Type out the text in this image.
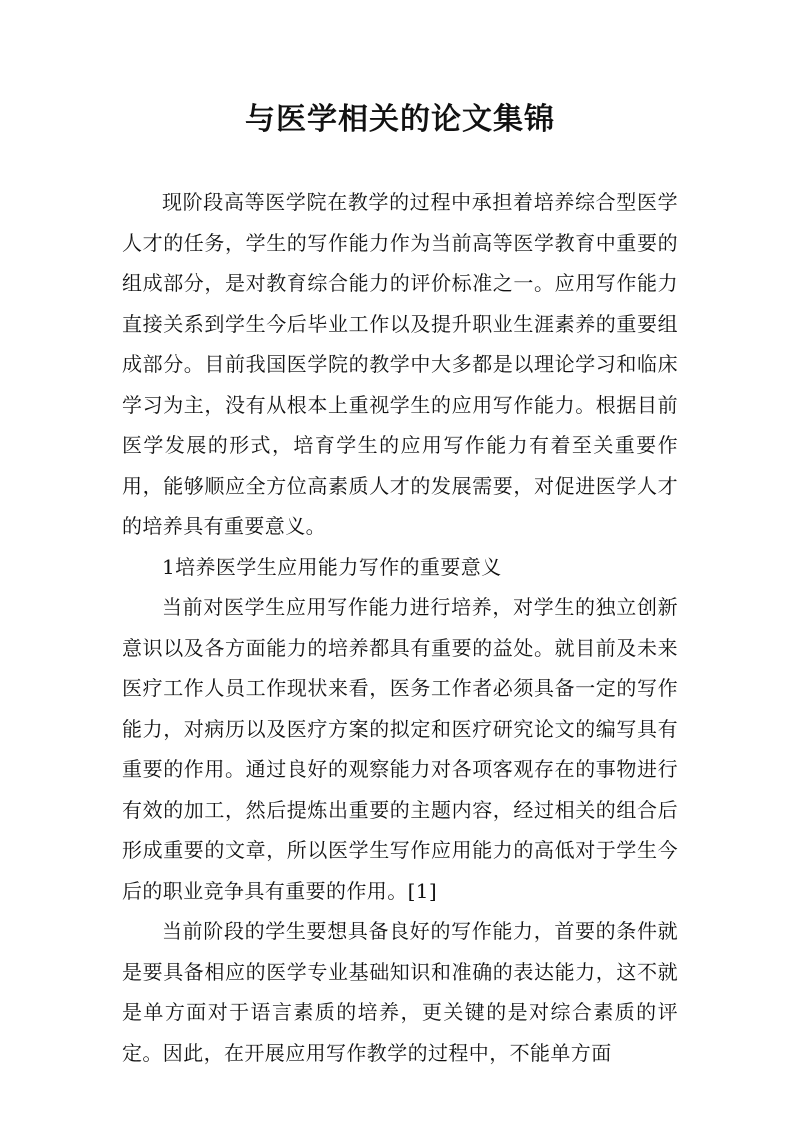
与医学相关的论文集锦

现阶段高等医学院在教学的过程中承担着培养综合型医学人才的任务，学生的写作能力作为当前高等医学教育中重要的组成部分，是对教育综合能力的评价标准之一。应用写作能力直接关系到学生今后毕业工作以及提升职业生涯素养的重要组成部分。目前我国医学院的教学中大多都是以理论学习和临床学习为主，没有从根本上重视学生的应用写作能力。根据目前医学发展的形式，培育学生的应用写作能力有着至关重要作用，能够顺应全方位高素质人才的发展需要，对促进医学人才的培养具有重要意义。

1培养医学生应用能力写作的重要意义

当前对医学生应用写作能力进行培养，对学生的独立创新意识以及各方面能力的培养都具有重要的益处。就目前及未来医疗工作人员工作现状来看，医务工作者必须具备一定的写作能力，对病历以及医疗方案的拟定和医疗研究论文的编写具有重要的作用。通过良好的观察能力对各项客观存在的事物进行有效的加工，然后提炼出重要的主题内容，经过相关的组合后形成重要的文章，所以医学生写作应用能力的高低对于学生今后的职业竞争具有重要的作用。[1]

当前阶段的学生要想具备良好的写作能力，首要的条件就是要具备相应的医学专业基础知识和准确的表达能力，这不就是单方面对于语言素质的培养，更关键的是对综合素质的评定。因此，在开展应用写作教学的过程中，不能单方面
